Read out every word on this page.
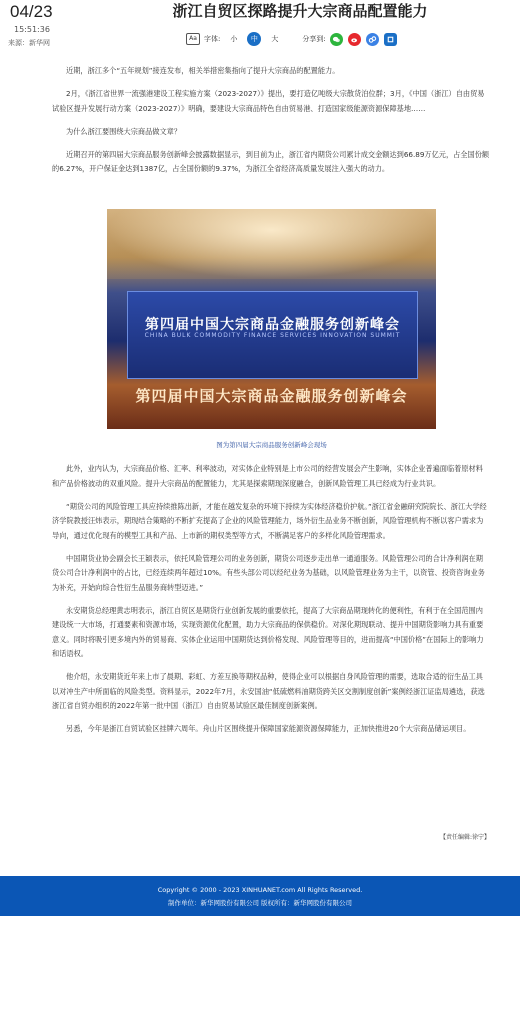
04/23
15:51:36
来源：新华网
浙江自贸区探路提升大宗商品配置能力
Aa	字体: 小	中	大	分享到:

近期，浙江多个“五年规划”接连发布，相关举措密集指向了提升大宗商品的配置能力。

2月，《浙江省世界一流强港建设工程实施方案（2023-2027）》提出，要打造亿吨级大宗散货泊位群；3月，《中国（浙江）自由贸易试验区提升发展行动方案（2023-2027）》明确，要建设大宗商品特色自由贸易港、打造国家级能源资源保障基地……

为什么浙江要围绕大宗商品做文章？

近期召开的第四届大宗商品服务创新峰会披露数据显示，到目前为止，浙江省内期货公司累计成交金额达到66.89万亿元，占全国份额的6.27%，开户保证金达到1387亿，占全国份额的9.37%，为浙江全省经济高质量发展注入强大的动力。

第四届中国大宗商品金融服务创新峰会
CHINA BULK COMMODITY FINANCE SERVICES INNOVATION SUMMIT
第四届中国大宗商品金融服务创新峰会
图为第四届大宗商品服务创新峰会现场

此外，业内认为，大宗商品价格、汇率、利率波动，对实体企业特别是上市公司的经营发展会产生影响，实体企业普遍面临着原材料和产品价格波动的双重风险。提升大宗商品的配置能力，尤其是探索期现深度融合，创新风险管理工具已经成为行业共识。

“期货公司的风险管理工具应持续推陈出新，才能在越发复杂的环境下持续为实体经济稳价护航。”浙江省金融研究院院长、浙江大学经济学院教授汪炜表示，期现结合策略的不断扩充提高了企业的风险管理能力，场外衍生品业务不断创新，风险管理机构不断以客户需求为导向，通过优化现有的模型工具和产品、上市新的期权类型等方式，不断满足客户的多样化风险管理需求。

中国期货业协会副会长王颖表示，依托风险管理公司的业务创新，期货公司逐步走出单一通道服务。风险管理公司的合计净利润在期货公司合计净利润中的占比，已经连续两年超过10%。有些头部公司以经纪业务为基础，以风险管理业务为主干，以资管、投资咨询业务为补充，开始向综合性衍生品服务商转型迈进。”

永安期货总经理黄志明表示，浙江自贸区是期货行业创新发展的重要依托，提高了大宗商品期现转化的便利性，有利于在全国范围内建设统一大市场，打通要素和资源市场，实现资源优化配置，助力大宗商品的保供稳价。对深化期现联动、提升中国期货影响力具有重要意义。同时将吸引更多境内外的贸易商、实体企业运用中国期货达到价格发现、风险管理等目的，进而提高“中国价格”在国际上的影响力和话语权。

他介绍，永安期货近年来上市了晨期、彩虹、方差互换等期权品种，使得企业可以根据自身风险管理的需要，选取合适的衍生品工具以对冲生产中所面临的风险类型。资料显示，2022年7月，永安国油“低硫燃料油期货跨关区交割制度创新”案例经浙江证监局遴选，获选浙江省自贸办组织的2022年第一批中国（浙江）自由贸易试验区最佳制度创新案例。

另悉，今年是浙江自贸试验区挂牌六周年。舟山片区围绕提升保障国家能源资源保障能力，正加快推进20个大宗商品储运项目。

【责任编辑:徐宁】
Copyright © 2000 - 2023 XINHUANET.com All Rights Reserved.
制作单位：新华网股份有限公司 版权所有：新华网股份有限公司
